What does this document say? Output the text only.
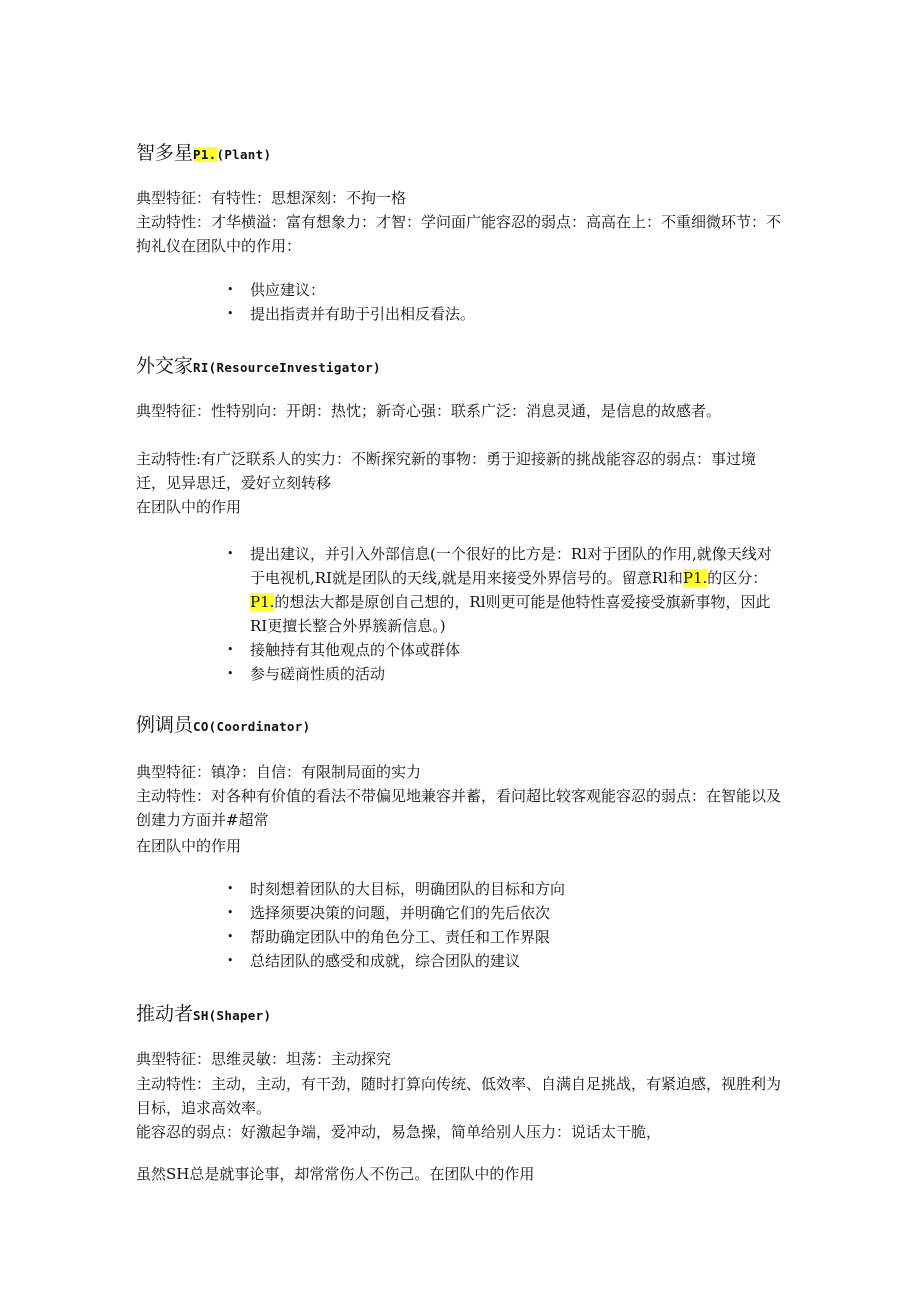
智多星P1.(Plant)

典型特征：有特性：思想深刻：不拘一格

主动特性：才华横溢：富有想象力：才智：学问面广能容忍的弱点：高高在上：不重细微环节：不拘礼仪在团队中的作用：

• 供应建议：
• 提出指责并有助于引出相反看法。
外交家RI(ResourceInvestigator)

典型特征：性特别向：开朗：热忱；新奇心强：联系广泛：消息灵通，是信息的故感者。

主动特性:有广泛联系人的实力：不断探究新的事物：勇于迎接新的挑战能容忍的弱点：事过境迁，见异思迁，爱好立刻转移

在团队中的作用

• 提出建议，并引入外部信息(一个很好的比方是：Rl对于团队的作用,就像天线对于电视机,RI就是团队的天线,就是用来接受外界信号的。留意Rl和P1.的区分：P1.的想法大都是原创自己想的，Rl则更可能是他特性喜爱接受旗新事物，因此RI更擅长整合外界簇新信息。)
• 接触持有其他观点的个体或群体
• 参与磋商性质的活动
例调员CO(Coordinator)

典型特征：镇净：自信：有限制局面的实力

主动特性：对各种有价值的看法不带偏见地兼容并蓄，看问超比较客观能容忍的弱点：在智能以及创建力方面并#超常

在团队中的作用

• 时刻想着团队的大目标，明确团队的目标和方向
• 选择须要决策的问题，并明确它们的先后依次
• 帮助确定团队中的角色分工、责任和工作界限
• 总结团队的感受和成就，综合团队的建议
推动者SH(Shaper)

典型特征：思维灵敏：坦荡：主动探究

主动特性：主动，主动，有干劲，随时打算向传统、低效率、自满自足挑战，有紧迫感，视胜利为目标，追求高效率。

能容忍的弱点：好激起争端，爱冲动，易急操，简单给别人压力：说话太干脆，

虽然SH总是就事论事，却常常伤人不伤己。在团队中的作用
